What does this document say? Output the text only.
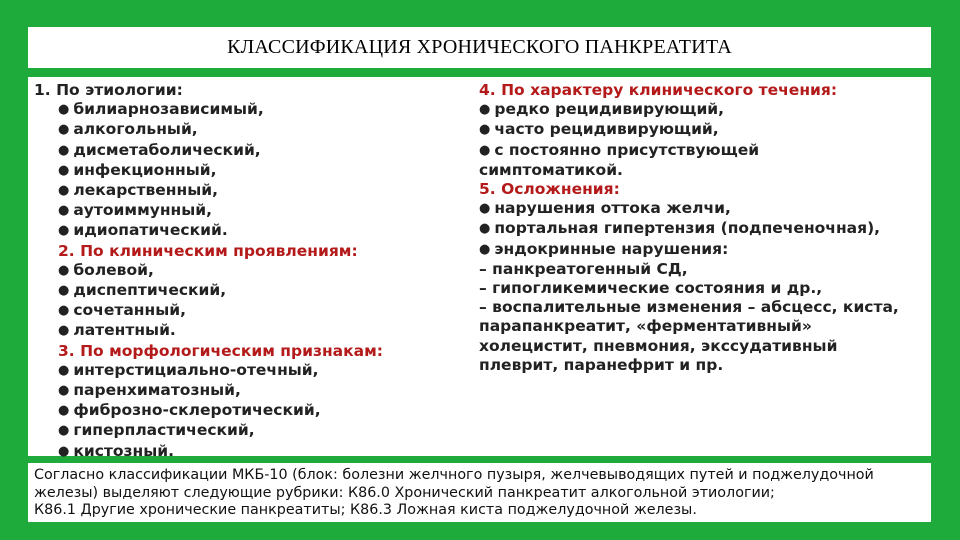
КЛАССИФИКАЦИЯ ХРОНИЧЕСКОГО ПАНКРЕАТИТА
1. По этиологии:
● билиарнозависимый,
● алкогольный,
● дисметаболический,
● инфекционный,
● лекарственный,
● аутоиммунный,
● идиопатический.
2. По клиническим проявлениям:
● болевой,
● диспептический,
● сочетанный,
● латентный.
3. По морфологическим признакам:
● интерстициально-отечный,
● паренхиматозный,
● фиброзно-склеротический,
● гиперпластический,
● кистозный.
4. По характеру клинического течения:
● редко рецидивирующий,
● часто рецидивирующий,
● с постоянно присутствующей
симптоматикой.
5. Осложнения:
● нарушения оттока желчи,
● портальная гипертензия (подпеченочная),
● эндокринные нарушения:
– панкреатогенный СД,
– гипогликемические состояния и др.,
– воспалительные изменения – абсцесс, киста,
парапанкреатит, «ферментативный»
холецистит, пневмония, экссудативный
плеврит, паранефрит и пр.
Согласно классификации МКБ-10 (блок: болезни желчного пузыря, желчевыводящих путей и поджелудочной
железы) выделяют следующие рубрики: К86.0 Хронический панкреатит алкогольной этиологии;
К86.1 Другие хронические панкреатиты; К86.3 Ложная киста поджелудочной железы.
